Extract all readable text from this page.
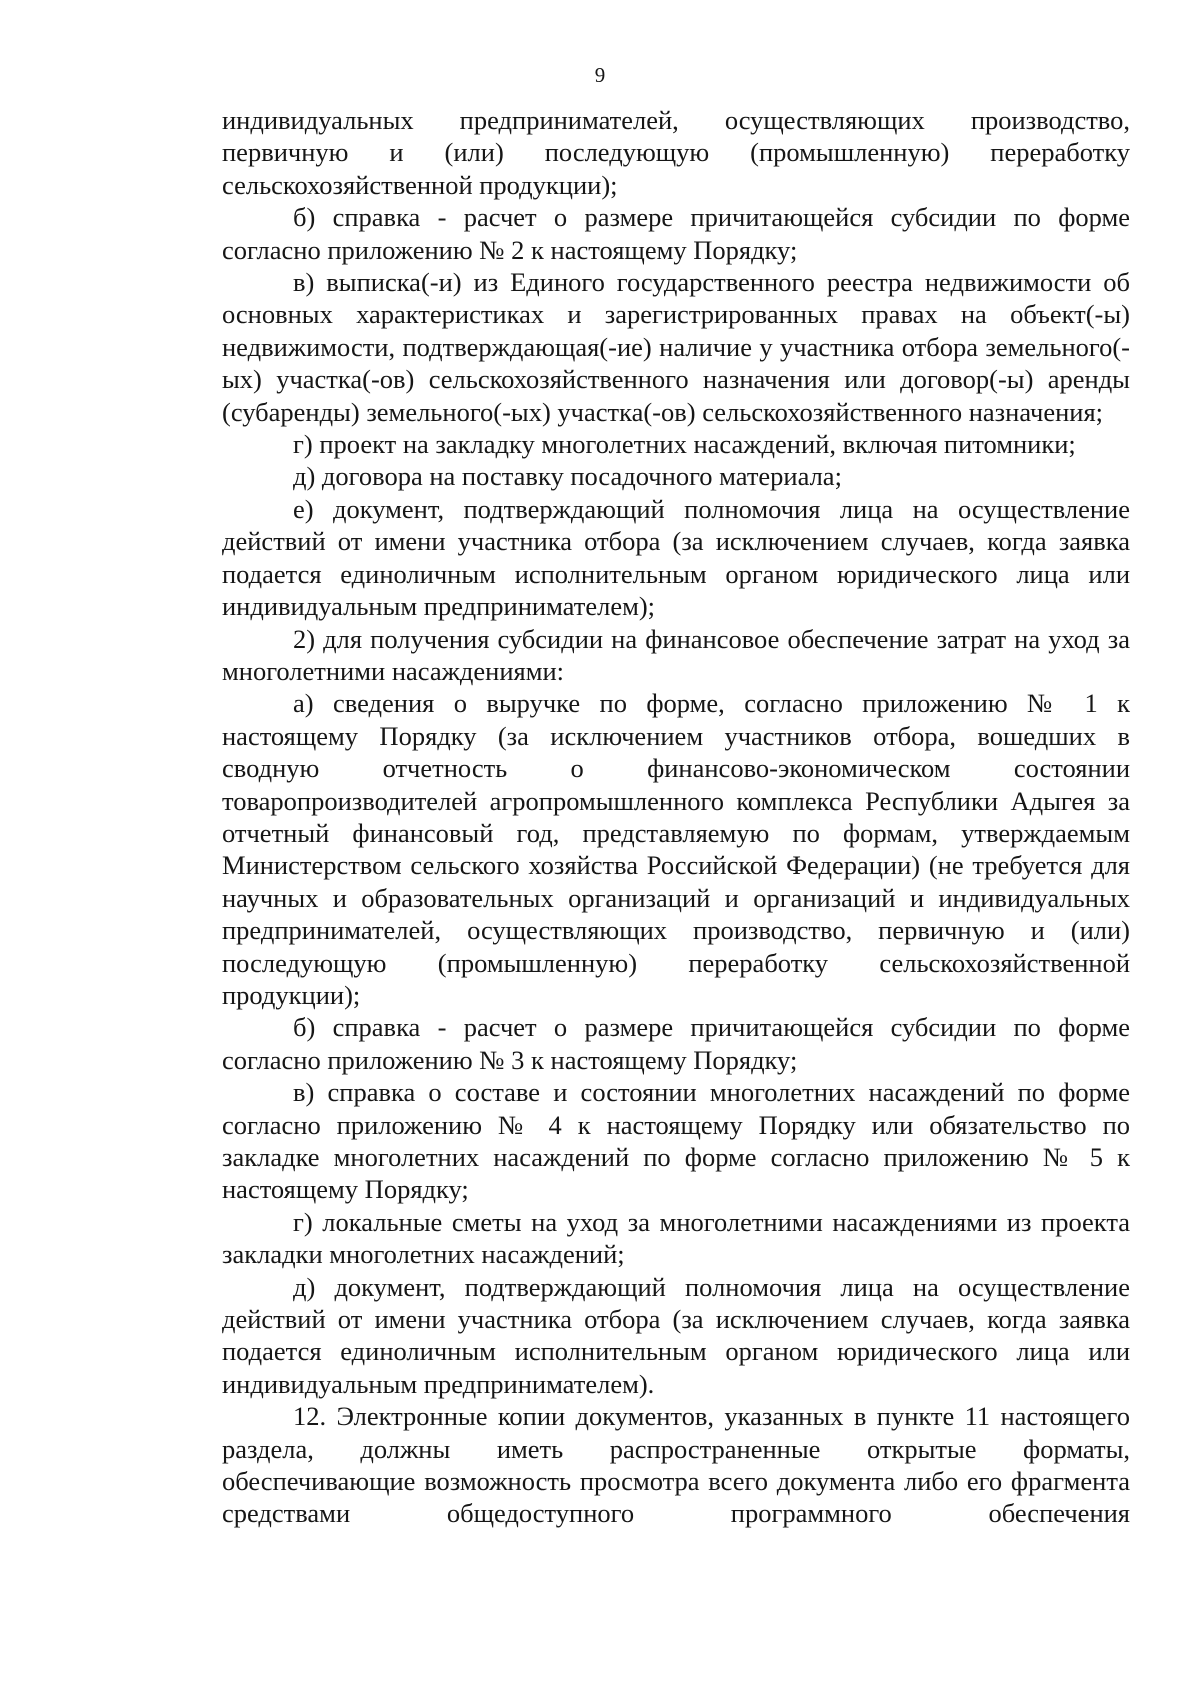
9

индивидуальных предпринимателей, осуществляющих производство, первичную и (или) последующую (промышленную) переработку сельскохозяйственной продукции);

б) справка - расчет о размере причитающейся субсидии по форме согласно приложению № 2 к настоящему Порядку;

в) выписка(-и) из Единого государственного реестра недвижимости об основных характеристиках и зарегистрированных правах на объект(-ы) недвижимости, подтверждающая(-ие) наличие у участника отбора земельного(-ых) участка(-ов) сельскохозяйственного назначения или договор(-ы) аренды (субаренды) земельного(-ых) участка(-ов) сельскохозяйственного назначения;

г) проект на закладку многолетних насаждений, включая питомники;

д) договора на поставку посадочного материала;

е) документ, подтверждающий полномочия лица на осуществление действий от имени участника отбора (за исключением случаев, когда заявка подается единоличным исполнительным органом юридического лица или индивидуальным предпринимателем);

2) для получения субсидии на финансовое обеспечение затрат на уход за многолетними насаждениями:

а) сведения о выручке по форме, согласно приложению № 1 к настоящему Порядку (за исключением участников отбора, вошедших в сводную отчетность о финансово-экономическом состоянии товаропроизводителей агропромышленного комплекса Республики Адыгея за отчетный финансовый год, представляемую по формам, утверждаемым Министерством сельского хозяйства Российской Федерации) (не требуется для научных и образовательных организаций и организаций и индивидуальных предпринимателей, осуществляющих производство, первичную и (или) последующую (промышленную) переработку сельскохозяйственной продукции);

б) справка - расчет о размере причитающейся субсидии по форме согласно приложению № 3 к настоящему Порядку;

в) справка о составе и состоянии многолетних насаждений по форме согласно приложению № 4 к настоящему Порядку или обязательство по закладке многолетних насаждений по форме согласно приложению № 5 к настоящему Порядку;

г) локальные сметы на уход за многолетними насаждениями из проекта закладки многолетних насаждений;

д) документ, подтверждающий полномочия лица на осуществление действий от имени участника отбора (за исключением случаев, когда заявка подается единоличным исполнительным органом юридического лица или индивидуальным предпринимателем).

12. Электронные копии документов, указанных в пункте 11 настоящего раздела, должны иметь распространенные открытые форматы, обеспечивающие возможность просмотра всего документа либо его фрагмента средствами общедоступного программного обеспечения
